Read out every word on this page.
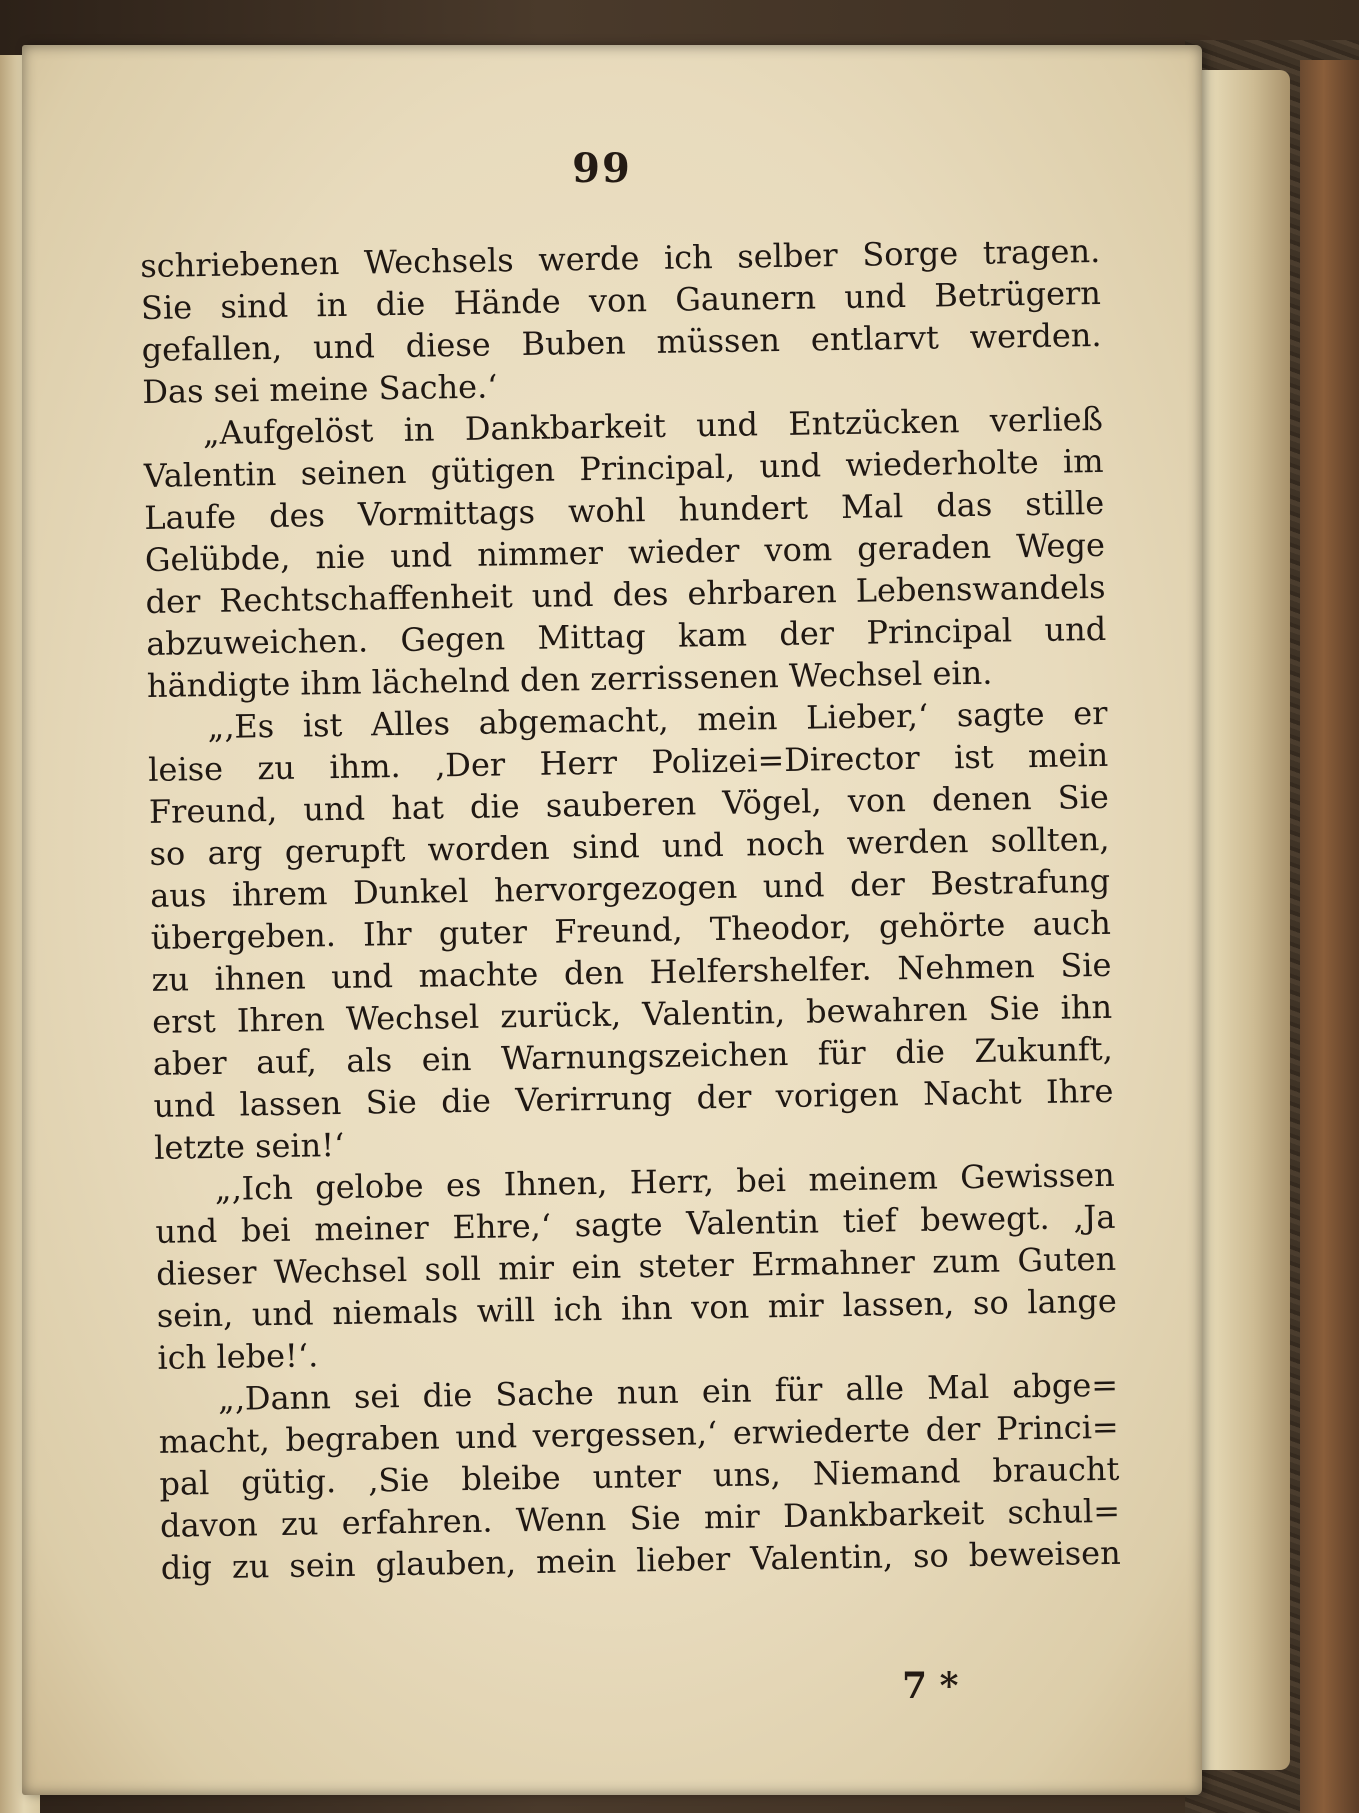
99
schriebenen Wechsels werde ich selber Sorge tragen.
Sie sind in die Hände von Gaunern und Betrügern
gefallen, und diese Buben müssen entlarvt werden.
Das sei meine Sache.‘
„Aufgelöst in Dankbarkeit und Entzücken verließ
Valentin seinen gütigen Principal, und wiederholte im
Laufe des Vormittags wohl hundert Mal das stille
Gelübde, nie und nimmer wieder vom geraden Wege
der Rechtschaffenheit und des ehrbaren Lebenswandels
abzuweichen. Gegen Mittag kam der Principal und
händigte ihm lächelnd den zerrissenen Wechsel ein.
„‚Es ist Alles abgemacht, mein Lieber,‘ sagte er
leise zu ihm. ‚Der Herr Polizei=Director ist mein
Freund, und hat die sauberen Vögel, von denen Sie
so arg gerupft worden sind und noch werden sollten,
aus ihrem Dunkel hervorgezogen und der Bestrafung
übergeben. Ihr guter Freund, Theodor, gehörte auch
zu ihnen und machte den Helfershelfer. Nehmen Sie
erst Ihren Wechsel zurück, Valentin, bewahren Sie ihn
aber auf, als ein Warnungszeichen für die Zukunft,
und lassen Sie die Verirrung der vorigen Nacht Ihre
letzte sein!‘
„‚Ich gelobe es Ihnen, Herr, bei meinem Gewissen
und bei meiner Ehre,‘ sagte Valentin tief bewegt. ‚Ja
dieser Wechsel soll mir ein steter Ermahner zum Guten
sein, und niemals will ich ihn von mir lassen, so lange
ich lebe!‘.
„‚Dann sei die Sache nun ein für alle Mal abge=
macht, begraben und vergessen,‘ erwiederte der Princi=
pal gütig. ‚Sie bleibe unter uns, Niemand braucht
davon zu erfahren. Wenn Sie mir Dankbarkeit schul=
dig zu sein glauben, mein lieber Valentin, so beweisen
7 *
